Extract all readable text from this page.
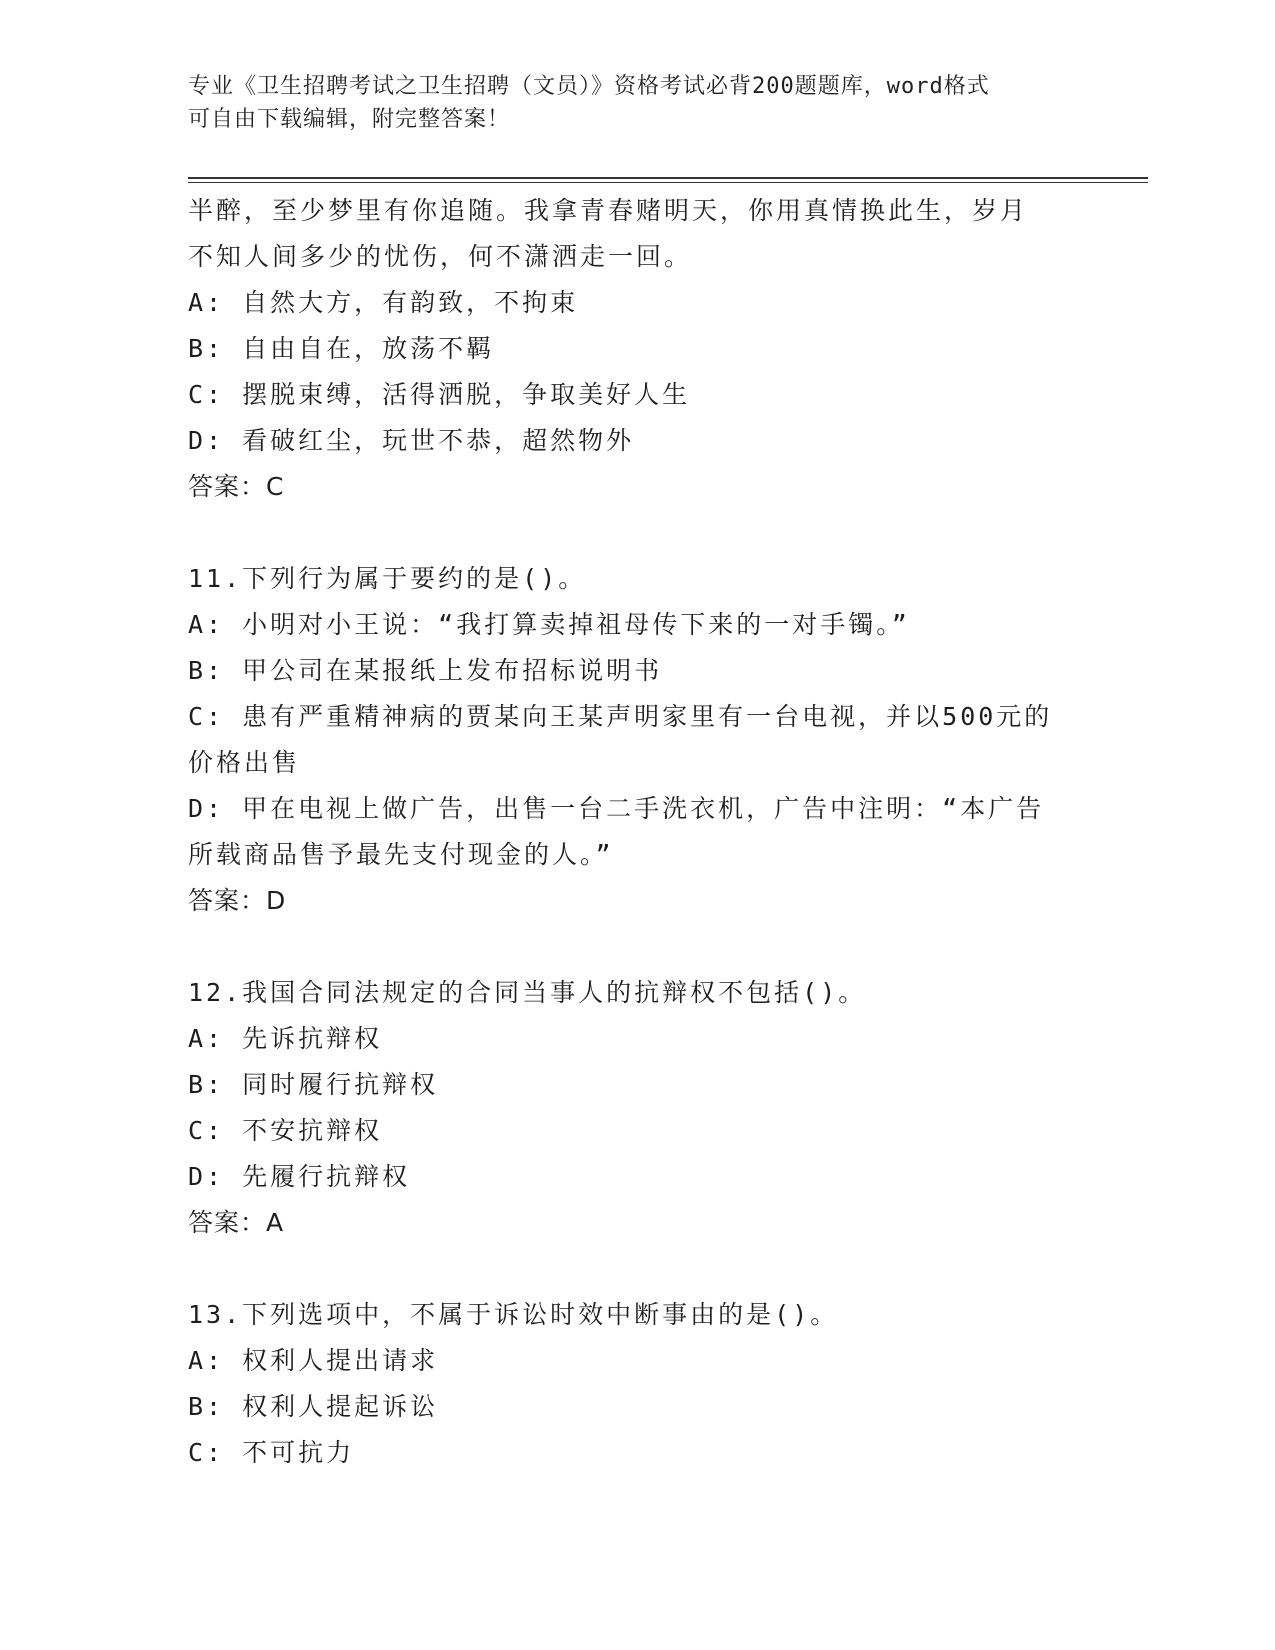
专业《卫生招聘考试之卫生招聘（文员）》资格考试必背200题题库，word格式
可自由下载编辑，附完整答案！
半醉，至少梦里有你追随。我拿青春赌明天，你用真情换此生，岁月
不知人间多少的忧伤，何不潇洒走一回。
A: 自然大方，有韵致，不拘束
B: 自由自在，放荡不羁
C: 摆脱束缚，活得洒脱，争取美好人生
D: 看破红尘，玩世不恭，超然物外
答案：C
11.下列行为属于要约的是()。
A: 小明对小王说：“我打算卖掉祖母传下来的一对手镯。”
B: 甲公司在某报纸上发布招标说明书
C: 患有严重精神病的贾某向王某声明家里有一台电视，并以500元的
价格出售
D: 甲在电视上做广告，出售一台二手洗衣机，广告中注明：“本广告
所载商品售予最先支付现金的人。”
答案：D
12.我国合同法规定的合同当事人的抗辩权不包括()。
A: 先诉抗辩权
B: 同时履行抗辩权
C: 不安抗辩权
D: 先履行抗辩权
答案：A
13.下列选项中，不属于诉讼时效中断事由的是()。
A: 权利人提出请求
B: 权利人提起诉讼
C: 不可抗力
